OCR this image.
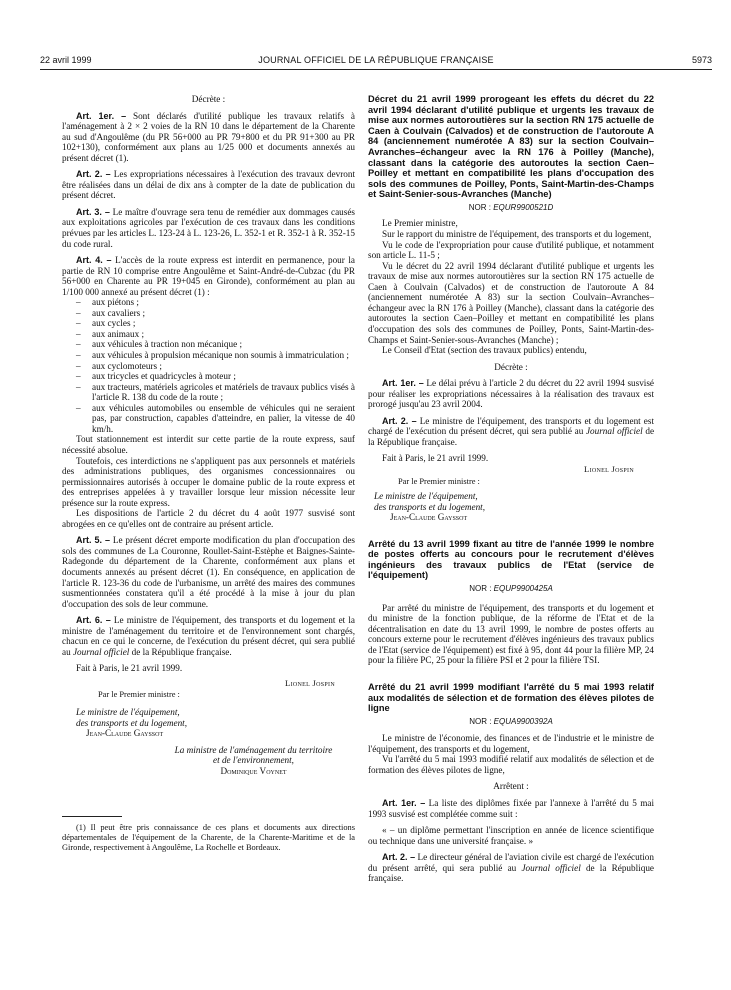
22 avril 1999	JOURNAL OFFICIEL DE LA RÉPUBLIQUE FRANÇAISE	5973

Décrète :

Art. 1er. – Sont déclarés d'utilité publique les travaux relatifs à l'aménagement à 2 × 2 voies de la RN 10 dans le département de la Charente au sud d'Angoulême (du PR 56+000 au PR 79+800 et du PR 91+300 au PR 102+130), conformément aux plans au 1/25 000 et documents annexés au présent décret (1).

Art. 2. – Les expropriations nécessaires à l'exécution des travaux devront être réalisées dans un délai de dix ans à compter de la date de publication du présent décret.

Art. 3. – Le maître d'ouvrage sera tenu de remédier aux dommages causés aux exploitations agricoles par l'exécution de ces travaux dans les conditions prévues par les articles L. 123-24 à L. 123-26, L. 352-1 et R. 352-1 à R. 352-15 du code rural.

Art. 4. – L'accès de la route express est interdit en permanence, pour la partie de RN 10 comprise entre Angoulême et Saint-André-de-Cubzac (du PR 56+000 en Charente au PR 19+045 en Gironde), conformément au plan au 1/100 000 annexé au présent décret (1) :

– aux piétons ;
– aux cavaliers ;
– aux cycles ;
– aux animaux ;
– aux véhicules à traction non mécanique ;
– aux véhicules à propulsion mécanique non soumis à immatriculation ;
– aux cyclomoteurs ;
– aux tricycles et quadricycles à moteur ;
– aux tracteurs, matériels agricoles et matériels de travaux publics visés à l'article R. 138 du code de la route ;
– aux véhicules automobiles ou ensemble de véhicules qui ne seraient pas, par construction, capables d'atteindre, en palier, la vitesse de 40 km/h.

Tout stationnement est interdit sur cette partie de la route express, sauf nécessité absolue.

Toutefois, ces interdictions ne s'appliquent pas aux personnels et matériels des administrations publiques, des organismes concessionnaires ou permissionnaires autorisés à occuper le domaine public de la route express et des entreprises appelées à y travailler lorsque leur mission nécessite leur présence sur la route express.

Les dispositions de l'article 2 du décret du 4 août 1977 susvisé sont abrogées en ce qu'elles ont de contraire au présent article.

Art. 5. – Le présent décret emporte modification du plan d'occupation des sols des communes de La Couronne, Roullet-Saint-Estèphe et Baignes-Sainte-Radegonde du département de la Charente, conformément aux plans et documents annexés au présent décret (1). En conséquence, en application de l'article R. 123-36 du code de l'urbanisme, un arrêté des maires des communes susmentionnées constatera qu'il a été procédé à la mise à jour du plan d'occupation des sols de leur commune.

Art. 6. – Le ministre de l'équipement, des transports et du logement et la ministre de l'aménagement du territoire et de l'environnement sont chargés, chacun en ce qui le concerne, de l'exécution du présent décret, qui sera publié au Journal officiel de la République française.

Fait à Paris, le 21 avril 1999.

Lionel Jospin

Par le Premier ministre :

Le ministre de l'équipement,

des transports et du logement,

Jean-Claude Gayssot

La ministre de l'aménagement du territoire

et de l'environnement,

Dominique Voynet

(1) Il peut être pris connaissance de ces plans et documents aux directions départementales de l'équipement de la Charente, de la Charente-Maritime et de la Gironde, respectivement à Angoulême, La Rochelle et Bordeaux.

Décret du 21 avril 1999 prorogeant les effets du décret du 22 avril 1994 déclarant d'utilité publique et urgents les travaux de mise aux normes autoroutières sur la section RN 175 actuelle de Caen à Coulvain (Calvados) et de construction de l'autoroute A 84 (anciennement numérotée A 83) sur la section Coulvain–Avranches–échangeur avec la RN 176 à Poilley (Manche), classant dans la catégorie des autoroutes la section Caen–Poilley et mettant en compatibilité les plans d'occupation des sols des communes de Poilley, Ponts, Saint-Martin-des-Champs et Saint-Senier-sous-Avranches (Manche)

NOR : EQUR9900521D

Le Premier ministre,

Sur le rapport du ministre de l'équipement, des transports et du logement,

Vu le code de l'expropriation pour cause d'utilité publique, et notamment son article L. 11-5 ;

Vu le décret du 22 avril 1994 déclarant d'utilité publique et urgents les travaux de mise aux normes autoroutières sur la section RN 175 actuelle de Caen à Coulvain (Calvados) et de construction de l'autoroute A 84 (anciennement numérotée A 83) sur la section Coulvain–Avranches–échangeur avec la RN 176 à Poilley (Manche), classant dans la catégorie des autoroutes la section Caen–Poilley et mettant en compatibilité les plans d'occupation des sols des communes de Poilley, Ponts, Saint-Martin-des-Champs et Saint-Senier-sous-Avranches (Manche) ;

Le Conseil d'Etat (section des travaux publics) entendu,

Décrète :

Art. 1er. – Le délai prévu à l'article 2 du décret du 22 avril 1994 susvisé pour réaliser les expropriations nécessaires à la réalisation des travaux est prorogé jusqu'au 23 avril 2004.

Art. 2. – Le ministre de l'équipement, des transports et du logement est chargé de l'exécution du présent décret, qui sera publié au Journal officiel de la République française.

Fait à Paris, le 21 avril 1999.

Lionel Jospin

Par le Premier ministre :

Le ministre de l'équipement,

des transports et du logement,

Jean-Claude Gayssot

Arrêté du 13 avril 1999 fixant au titre de l'année 1999 le nombre de postes offerts au concours pour le recrutement d'élèves ingénieurs des travaux publics de l'Etat (service de l'équipement)

NOR : EQUP9900425A

Par arrêté du ministre de l'équipement, des transports et du logement et du ministre de la fonction publique, de la réforme de l'Etat et de la décentralisation en date du 13 avril 1999, le nombre de postes offerts au concours externe pour le recrutement d'élèves ingénieurs des travaux publics de l'Etat (service de l'équipement) est fixé à 95, dont 44 pour la filière MP, 24 pour la filière PC, 25 pour la filière PSI et 2 pour la filière TSI.

Arrêté du 21 avril 1999 modifiant l'arrêté du 5 mai 1993 relatif aux modalités de sélection et de formation des élèves pilotes de ligne

NOR : EQUA9900392A

Le ministre de l'économie, des finances et de l'industrie et le ministre de l'équipement, des transports et du logement,

Vu l'arrêté du 5 mai 1993 modifié relatif aux modalités de sélection et de formation des élèves pilotes de ligne,

Arrêtent :

Art. 1er. – La liste des diplômes fixée par l'annexe à l'arrêté du 5 mai 1993 susvisé est complétée comme suit :

« – un diplôme permettant l'inscription en année de licence scientifique ou technique dans une université française. »

Art. 2. – Le directeur général de l'aviation civile est chargé de l'exécution du présent arrêté, qui sera publié au Journal officiel de la République française.
